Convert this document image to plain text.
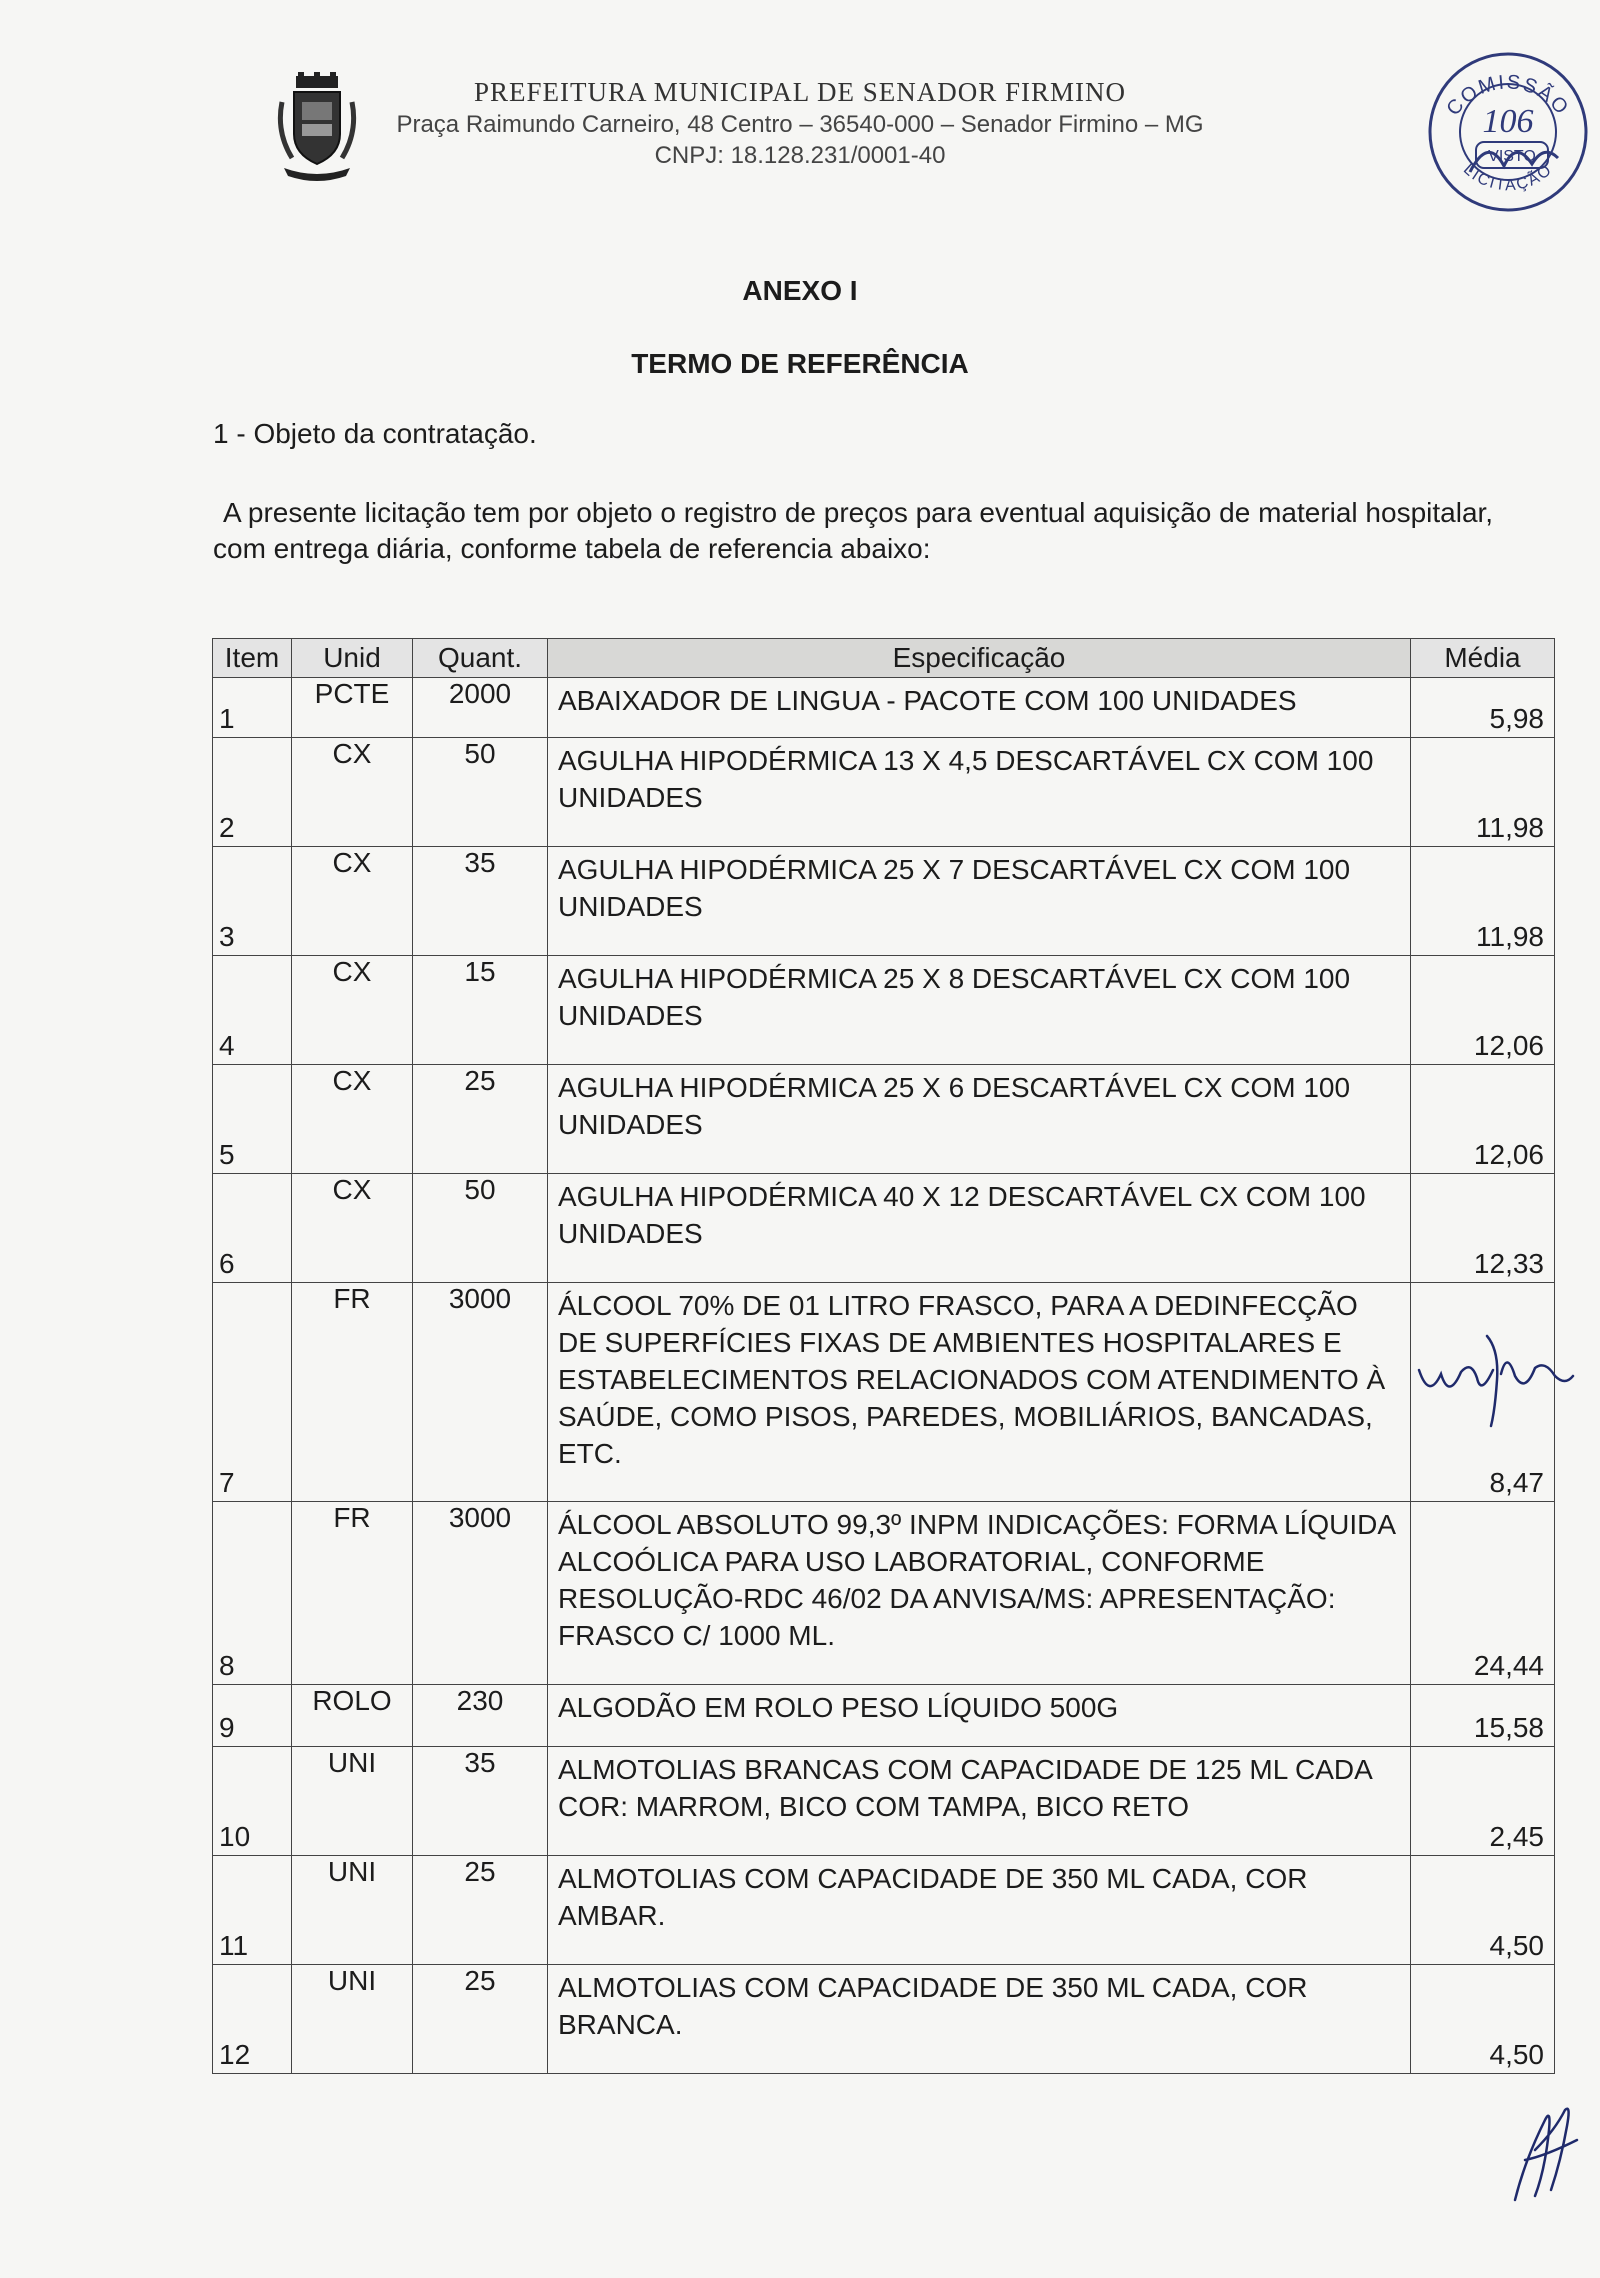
PREFEITURA MUNICIPAL DE SENADOR FIRMINO
Praça Raimundo Carneiro, 48 Centro – 36540-000 – Senador Firmino – MG
CNPJ: 18.128.231/0001-40
COMISSÃO
LICITAÇÃO
106
VISTO
ANEXO I
TERMO DE REFERÊNCIA
1 - Objeto da contratação.
A presente licitação tem por objeto o registro de preços para eventual aquisição de material hospitalar, com entrega diária, conforme tabela de referencia abaixo:
Item	Unid	Quant.	Especificação	Média

1	PCTE	2000	ABAIXADOR DE LINGUA - PACOTE COM 100 UNIDADES	5,98

2	CX	50	AGULHA HIPODÉRMICA 13 X 4,5 DESCARTÁVEL CX COM 100 UNIDADES	11,98

3	CX	35	AGULHA HIPODÉRMICA 25 X 7 DESCARTÁVEL CX COM 100 UNIDADES	11,98

4	CX	15	AGULHA HIPODÉRMICA 25 X 8 DESCARTÁVEL CX COM 100 UNIDADES	12,06

5	CX	25	AGULHA HIPODÉRMICA 25 X 6 DESCARTÁVEL CX COM 100 UNIDADES	12,06

6	CX	50	AGULHA HIPODÉRMICA 40 X 12 DESCARTÁVEL CX COM 100 UNIDADES	12,33

7	FR	3000	ÁLCOOL 70% DE 01 LITRO FRASCO, PARA A DEDINFECÇÃO DE SUPERFÍCIES FIXAS DE AMBIENTES HOSPITALARES E ESTABELECIMENTOS RELACIONADOS COM ATENDIMENTO À SAÚDE, COMO PISOS, PAREDES, MOBILIÁRIOS, BANCADAS, ETC.	8,47

8	FR	3000	ÁLCOOL ABSOLUTO 99,3º INPM INDICAÇÕES: FORMA LÍQUIDA ALCOÓLICA PARA USO LABORATORIAL, CONFORME RESOLUÇÃO-RDC 46/02 DA ANVISA/MS: APRESENTAÇÃO: FRASCO C/ 1000 ML.	24,44

9	ROLO	230	ALGODÃO EM ROLO PESO LÍQUIDO 500G	15,58

10	UNI	35	ALMOTOLIAS BRANCAS COM CAPACIDADE DE 125 ML CADA COR: MARROM, BICO COM TAMPA, BICO RETO	2,45

11	UNI	25	ALMOTOLIAS COM CAPACIDADE DE 350 ML CADA, COR AMBAR.	4,50

12	UNI	25	ALMOTOLIAS COM CAPACIDADE DE 350 ML CADA, COR BRANCA.	4,50
